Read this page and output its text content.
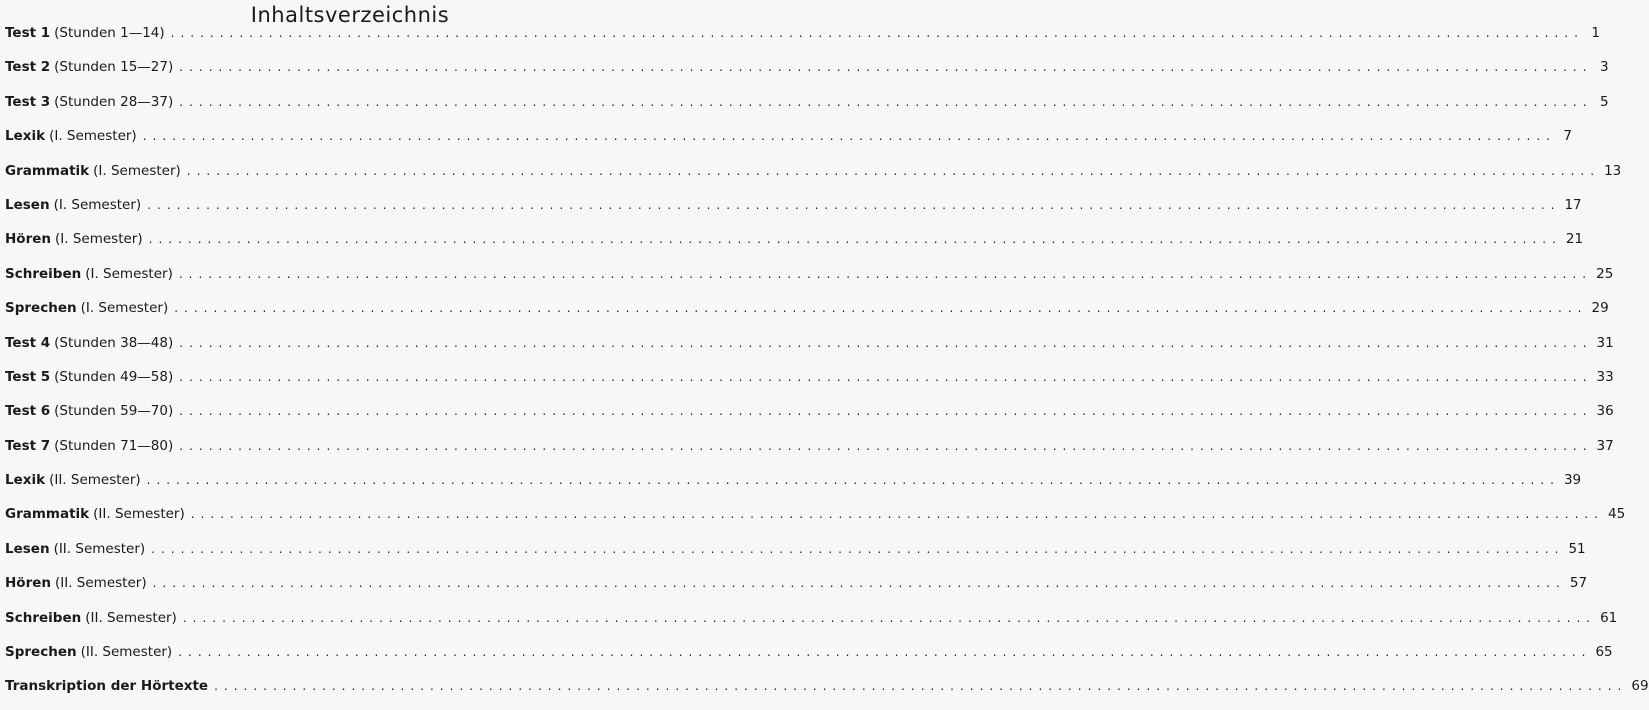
Inhaltsverzeichnis
Test 1 (Stunden 1—14) .....	1
Test 2 (Stunden 15—27) .....	3
Test 3 (Stunden 28—37) .....	5
Lexik (I. Semester) .....	7
Grammatik (I. Semester) .....	13
Lesen (I. Semester) .....	17
Hören (I. Semester) .....	21
Schreiben (I. Semester) .....	25
Sprechen (I. Semester) .....	29
Test 4 (Stunden 38—48) .....	31
Test 5 (Stunden 49—58) .....	33
Test 6 (Stunden 59—70) .....	36
Test 7 (Stunden 71—80) .....	37
Lexik (II. Semester) .....	39
Grammatik (II. Semester) .....	45
Lesen (II. Semester) .....	51
Hören (II. Semester) .....	57
Schreiben (II. Semester) .....	61
Sprechen (II. Semester) .....	65
Transkription der Hörtexte .....	69
